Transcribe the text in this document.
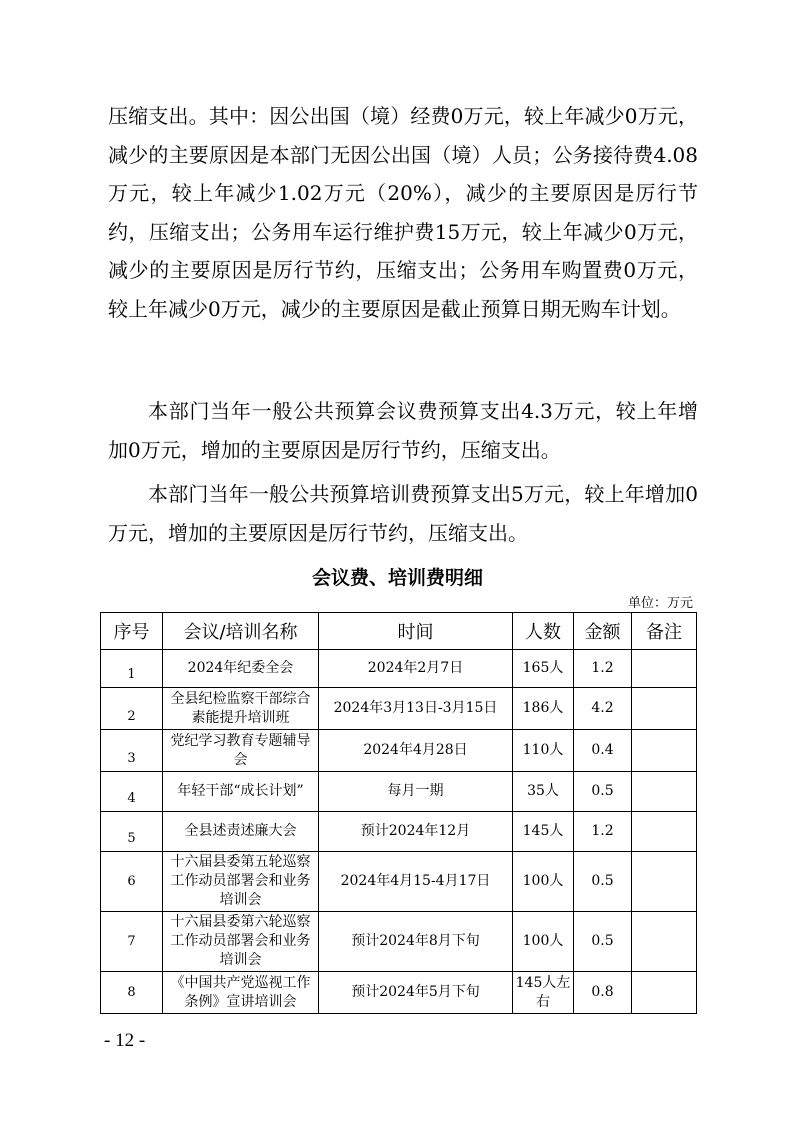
压缩支出。其中：因公出国（境）经费0万元，较上年减少0万元，减少的主要原因是本部门无因公出国（境）人员；公务接待费4.08万元，较上年减少1.02万元（20%），减少的主要原因是厉行节约，压缩支出；公务用车运行维护费15万元，较上年减少0万元，减少的主要原因是厉行节约，压缩支出；公务用车购置费0万元，较上年减少0万元，减少的主要原因是截止预算日期无购车计划。

本部门当年一般公共预算会议费预算支出4.3万元，较上年增加0万元，增加的主要原因是厉行节约，压缩支出。

本部门当年一般公共预算培训费预算支出5万元，较上年增加0万元，增加的主要原因是厉行节约，压缩支出。

会议费、培训费明细
单位：万元
序号	会议/培训名称	时间	人数	金额	备注
1	2024年纪委全会	2024年2月7日	165人	1.2	
2	全县纪检监察干部综合素能提升培训班	2024年3月13日-3月15日	186人	4.2	
3	党纪学习教育专题辅导会	2024年4月28日	110人	0.4	
4	年轻干部“成长计划”	每月一期	35人	0.5	
5	全县述责述廉大会	预计2024年12月	145人	1.2	
6	十六届县委第五轮巡察工作动员部署会和业务培训会	2024年4月15-4月17日	100人	0.5	
7	十六届县委第六轮巡察工作动员部署会和业务培训会	预计2024年8月下旬	100人	0.5	
8	《中国共产党巡视工作条例》宣讲培训会	预计2024年5月下旬	145人左右	0.8	
- 12 -
